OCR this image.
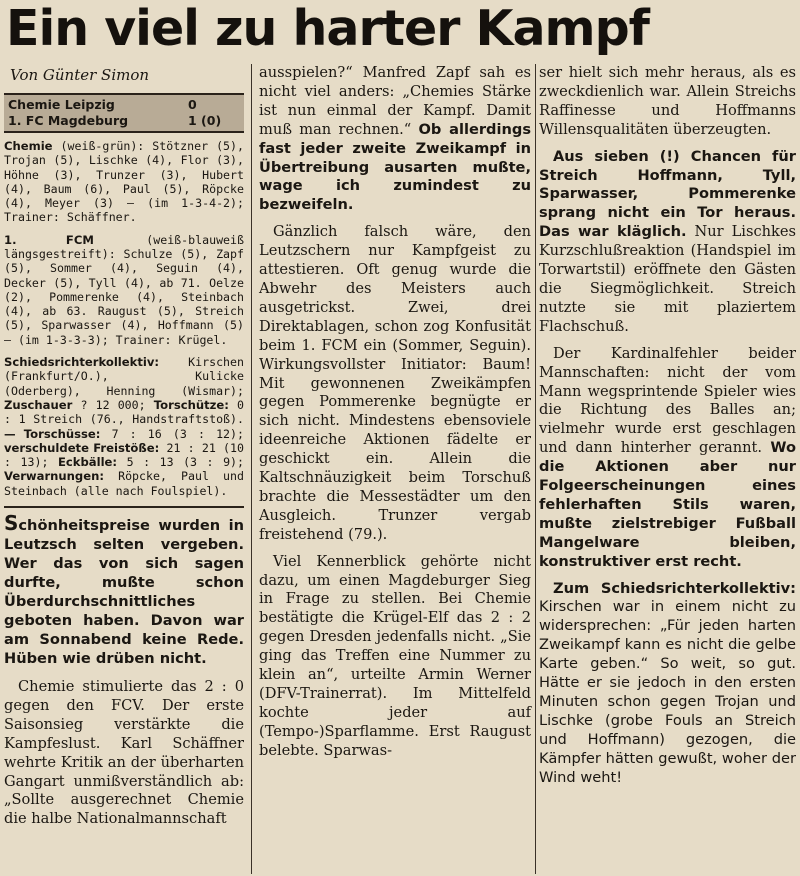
Ein viel zu harter Kampf
Von Günter Simon
Chemie Leipzig	0
1. FC Magdeburg	1 (0)
Chemie (weiß-grün): Stötzner (5), Trojan (5), Lischke (4), Flor (3), Höhne (3), Trunzer (3), Hubert (4), Baum (6), Paul (5), Röpcke (4), Meyer (3) — (im 1-3-4-2); Trainer: Schäffner.
1. FCM	(weiß-blauweiß längsgestreift): Schulze (5), Zapf (5), Sommer (4), Seguin (4), Decker (5), Tyll (4), ab 71. Oelze (2), Pommerenke (4), Steinbach (4), ab 63. Raugust (5), Streich (5), Sparwasser (4), Hoffmann (5) — (im 1-3-3-3); Trainer: Krügel.
Schiedsrichterkollektiv:	Kirschen (Frankfurt/O.), Kulicke (Oderberg), Henning (Wismar); Zuschauer ? 12 000; Torschütze: 0 : 1 Streich (76., Handstraftstoß). — Torschüsse: 7 : 16 (3 : 12); verschuldete Freistöße: 21 : 21 (10 : 13); Eckbälle: 5 : 13 (3 : 9); Verwarnungen: Röpcke, Paul und Steinbach (alle nach Foulspiel).
Schönheitspreise wurden in Leutzsch selten vergeben. Wer das von sich sagen durfte, mußte schon Überdurchschnittliches geboten haben. Davon war am Sonnabend keine Rede. Hüben wie drüben nicht.

Chemie stimulierte das 2 : 0 gegen den FCV. Der erste Saisonsieg verstärkte die Kampfeslust. Karl Schäffner wehrte Kritik an der überharten Gangart unmißverständlich ab: „Sollte ausgerechnet Chemie die halbe Nationalmannschaft

ausspielen?“ Manfred Zapf sah es nicht viel anders: „Chemies Stärke ist nun einmal der Kampf. Damit muß man rechnen.“ Ob allerdings fast jeder zweite Zweikampf in Übertreibung ausarten mußte, wage ich zumindest zu bezweifeln.

Gänzlich falsch wäre, den Leutzschern nur Kampfgeist zu attestieren. Oft genug wurde die Abwehr des Meisters auch ausgetrickst. Zwei, drei Direktablagen, schon zog Konfusität beim 1. FCM ein (Sommer, Seguin). Wirkungsvollster Initiator: Baum! Mit gewonnenen Zweikämpfen gegen Pommerenke begnügte er sich nicht. Mindestens ebensoviele ideenreiche Aktionen fädelte er geschickt ein. Allein die Kaltschnäuzigkeit beim Torschuß brachte die Messestädter um den Ausgleich. Trunzer vergab freistehend (79.).

Viel Kennerblick gehörte nicht dazu, um einen Magdeburger Sieg in Frage zu stellen. Bei Chemie bestätigte die Krügel-Elf das 2 : 2 gegen Dresden jedenfalls nicht. „Sie ging das Treffen eine Nummer zu klein an“, urteilte Armin Werner (DFV-Trainerrat). Im Mittelfeld kochte jeder auf (Tempo-)Sparflamme. Erst Raugust belebte. Sparwas-

ser hielt sich mehr heraus, als es zweckdienlich war. Allein Streichs Raffinesse und Hoffmanns Willensqualitäten überzeugten.

Aus sieben (!) Chancen für Streich Hoffmann, Tyll, Sparwasser, Pommerenke sprang nicht ein Tor heraus. Das war kläglich. Nur Lischkes Kurzschlußreaktion (Handspiel im Torwartstil) eröffnete den Gästen die Siegmöglichkeit. Streich nutzte sie mit plaziertem Flachschuß.

Der Kardinalfehler beider Mannschaften: nicht der vom Mann wegsprintende Spieler wies die Richtung des Balles an; vielmehr wurde erst geschlagen und dann hinterher gerannt. Wo die Aktionen aber nur Folgeerscheinungen eines fehlerhaften Stils waren, mußte zielstrebiger Fußball Mangelware bleiben, konstruktiver erst recht.

Zum Schiedsrichterkollektiv: Kirschen war in einem nicht zu widersprechen: „Für jeden harten Zweikampf kann es nicht die gelbe Karte geben.“ So weit, so gut. Hätte er sie jedoch in den ersten Minuten schon gegen Trojan und Lischke (grobe Fouls an Streich und Hoffmann) gezogen, die Kämpfer hätten gewußt, woher der Wind weht!
